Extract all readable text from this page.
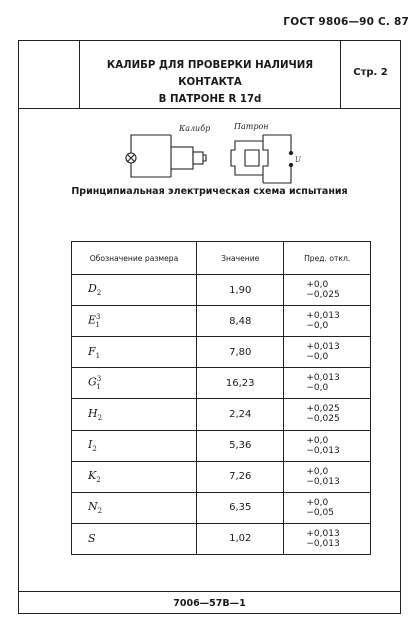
ГОСТ 9806—90 С. 87
КАЛИБР ДЛЯ ПРОВЕРКИ НАЛИЧИЯ КОНТАКТА
В ПАТРОНЕ R 17d
Стр. 2
Калибр	Патрон
U
Принципиальная электрическая схема испытания
Обозначение размера	Значение	Пред. откл.
$D_2$	1,90	+0,0
−0,025

$E^3_1$	8,48	+0,013
−0,0

$F_1$	7,80	+0,013
−0,0

$G^3_1$	16,23	+0,013
−0,0

$H_2$	2,24	+0,025
−0,025

$I_2$	5,36	+0,0
−0,013

$K_2$	7,26	+0,0
−0,013

$N_2$	6,35	+0,0
−0,05

S	1,02	+0,013
−0,013
7006—57B—1
